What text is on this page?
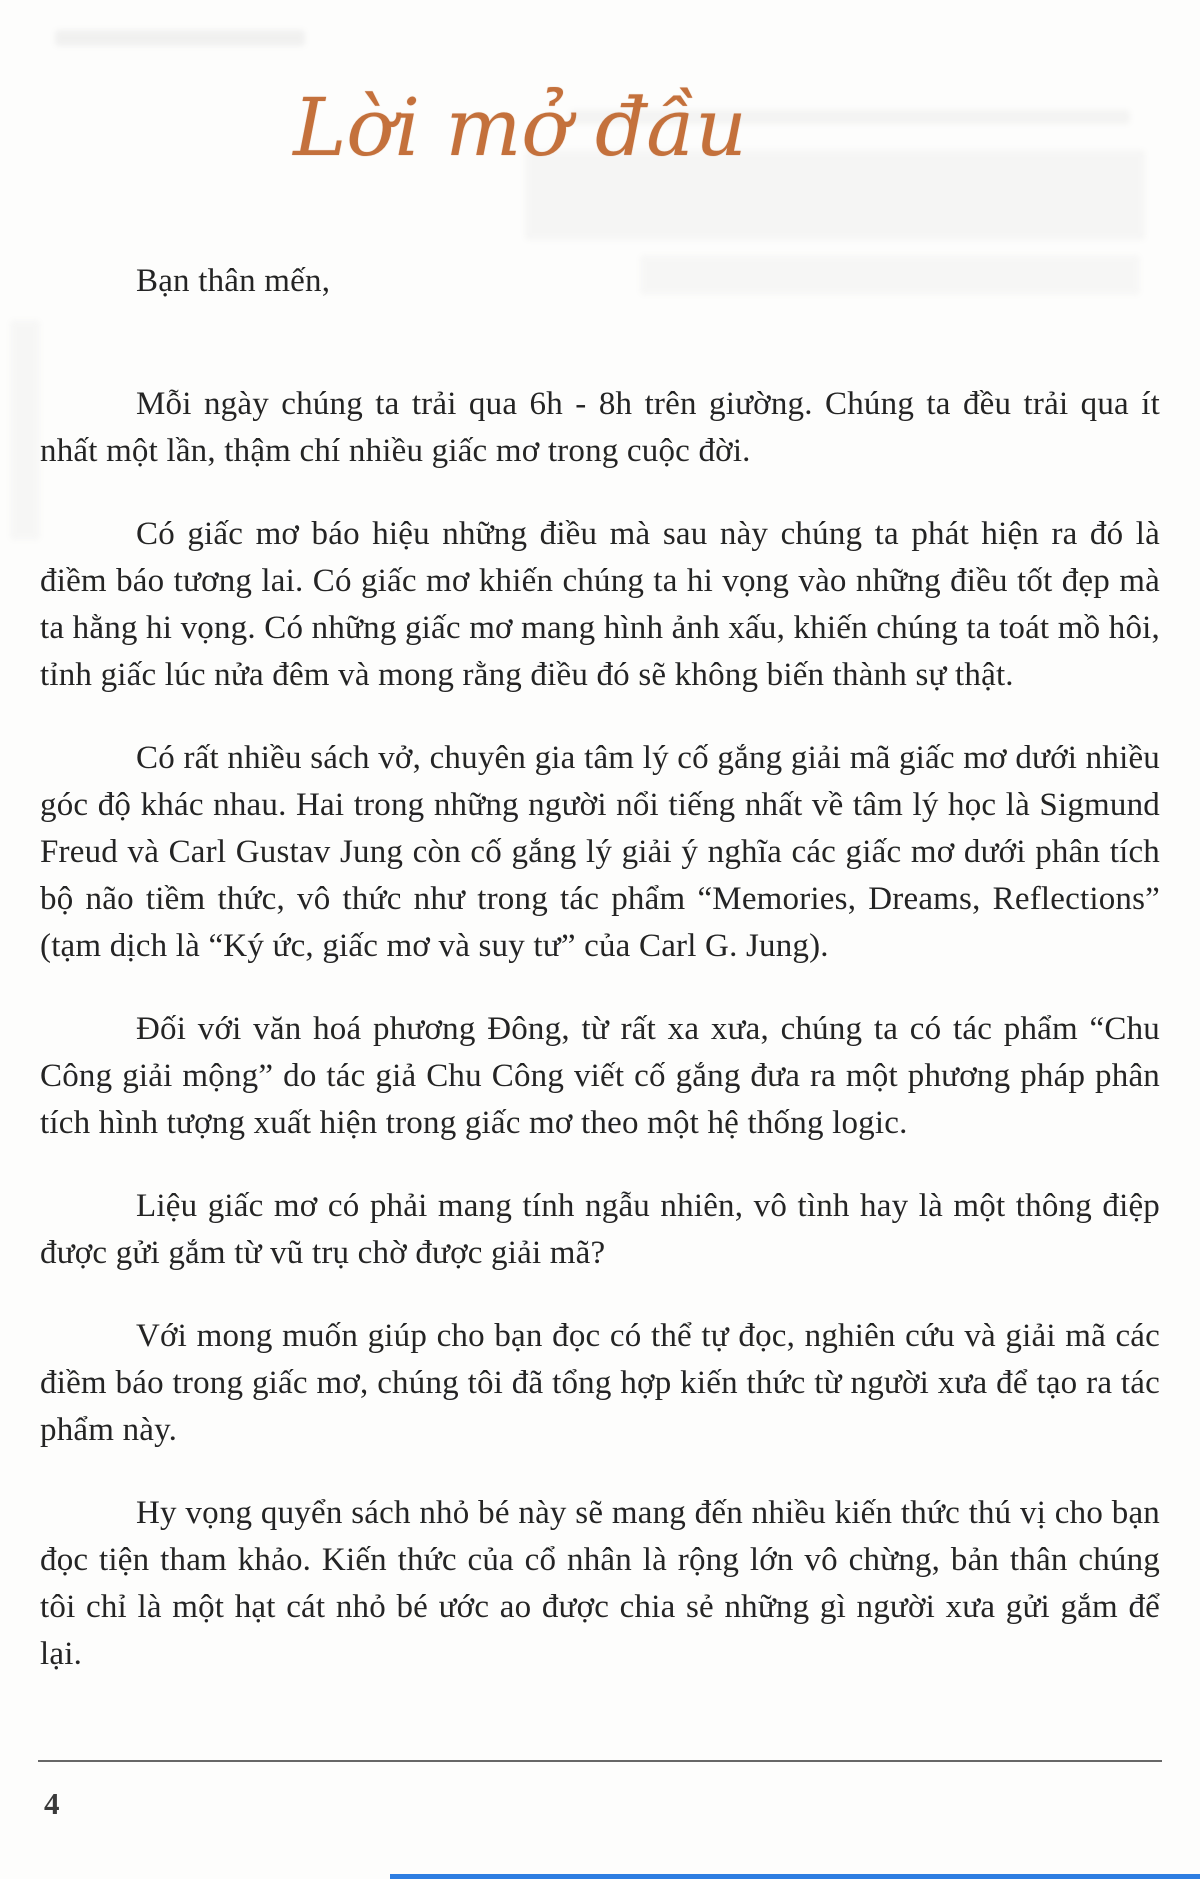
Lời mở đầu

Bạn thân mến,

Mỗi ngày chúng ta trải qua 6h - 8h trên giường. Chúng ta đều trải qua ít nhất một lần, thậm chí nhiều giấc mơ trong cuộc đời.

Có giấc mơ báo hiệu những điều mà sau này chúng ta phát hiện ra đó là điềm báo tương lai. Có giấc mơ khiến chúng ta hi vọng vào những điều tốt đẹp mà ta hằng hi vọng. Có những giấc mơ mang hình ảnh xấu, khiến chúng ta toát mồ hôi, tỉnh giấc lúc nửa đêm và mong rằng điều đó sẽ không biến thành sự thật.

Có rất nhiều sách vở, chuyên gia tâm lý cố gắng giải mã giấc mơ dưới nhiều góc độ khác nhau. Hai trong những người nổi tiếng nhất về tâm lý học là Sigmund Freud và Carl Gustav Jung còn cố gắng lý giải ý nghĩa các giấc mơ dưới phân tích bộ não tiềm thức, vô thức như trong tác phẩm “Memories, Dreams, Reflections” (tạm dịch là “Ký ức, giấc mơ và suy tư” của Carl G. Jung).

Đối với văn hoá phương Đông, từ rất xa xưa, chúng ta có tác phẩm “Chu Công giải mộng” do tác giả Chu Công viết cố gắng đưa ra một phương pháp phân tích hình tượng xuất hiện trong giấc mơ theo một hệ thống logic.

Liệu giấc mơ có phải mang tính ngẫu nhiên, vô tình hay là một thông điệp được gửi gắm từ vũ trụ chờ được giải mã?

Với mong muốn giúp cho bạn đọc có thể tự đọc, nghiên cứu và giải mã các điềm báo trong giấc mơ, chúng tôi đã tổng hợp kiến thức từ người xưa để tạo ra tác phẩm này.

Hy vọng quyển sách nhỏ bé này sẽ mang đến nhiều kiến thức thú vị cho bạn đọc tiện tham khảo. Kiến thức của cổ nhân là rộng lớn vô chừng, bản thân chúng tôi chỉ là một hạt cát nhỏ bé ước ao được chia sẻ những gì người xưa gửi gắm để lại.

4
